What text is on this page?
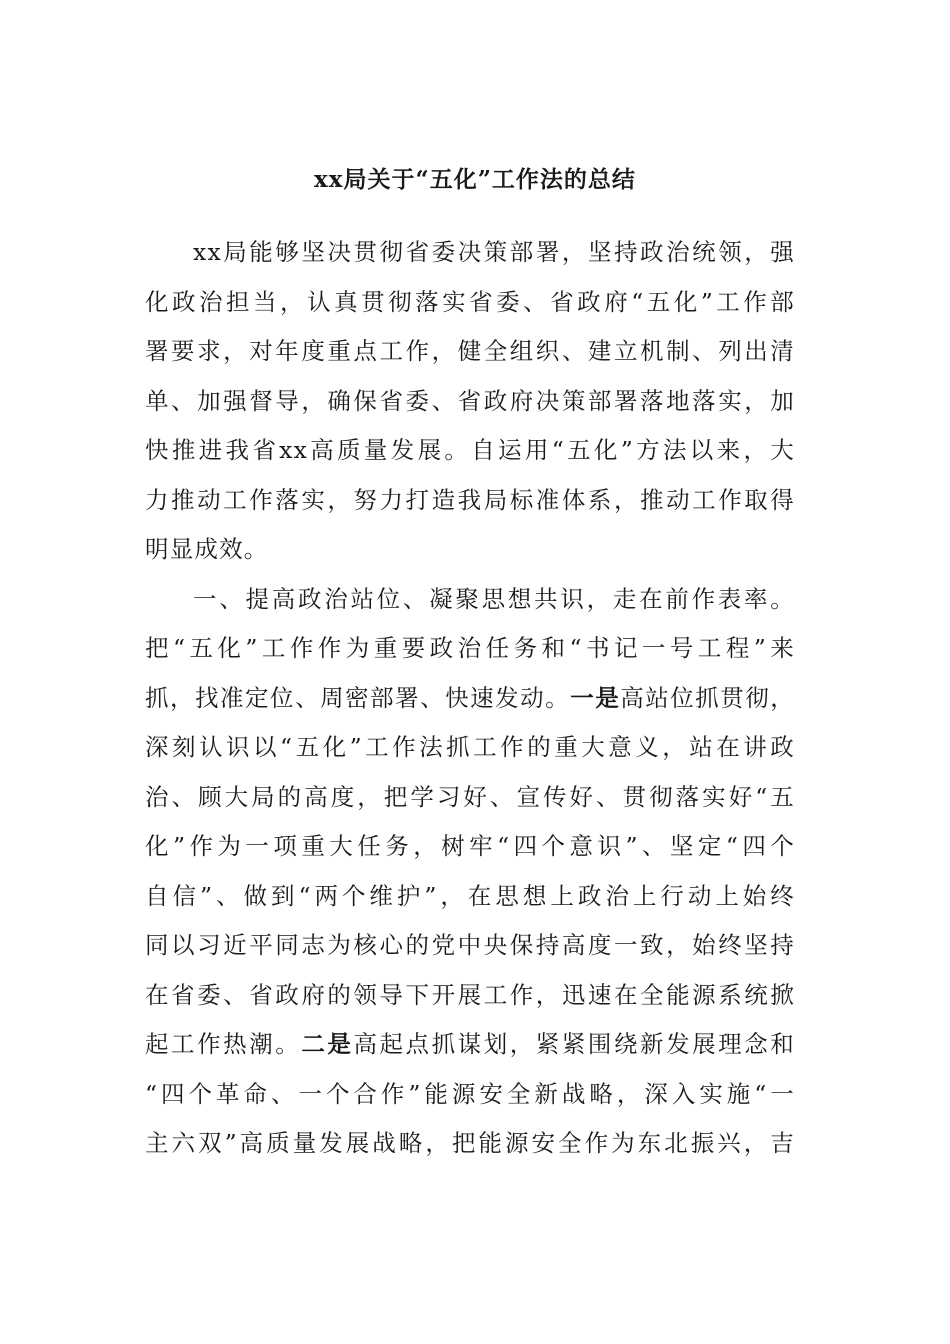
xx局关于“五化”工作法的总结
xx局能够坚决贯彻省委决策部署，坚持政治统领，强
化政治担当，认真贯彻落实省委、省政府“五化”工作部
署要求，对年度重点工作，健全组织、建立机制、列出清
单、加强督导，确保省委、省政府决策部署落地落实，加
快推进我省xx高质量发展。自运用“五化”方法以来，大
力推动工作落实，努力打造我局标准体系，推动工作取得
明显成效。
一、提高政治站位、凝聚思想共识，走在前作表率。
把“五化”工作作为重要政治任务和“书记一号工程”来
抓，找准定位、周密部署、快速发动。一是高站位抓贯彻，
深刻认识以“五化”工作法抓工作的重大意义，站在讲政
治、顾大局的高度，把学习好、宣传好、贯彻落实好“五
化”作为一项重大任务，树牢“四个意识”、坚定“四个
自信”、做到“两个维护”，在思想上政治上行动上始终
同以习近平同志为核心的党中央保持高度一致，始终坚持
在省委、省政府的领导下开展工作，迅速在全能源系统掀
起工作热潮。二是高起点抓谋划，紧紧围绕新发展理念和
“四个革命、一个合作”能源安全新战略，深入实施“一
主六双”高质量发展战略，把能源安全作为东北振兴，吉
